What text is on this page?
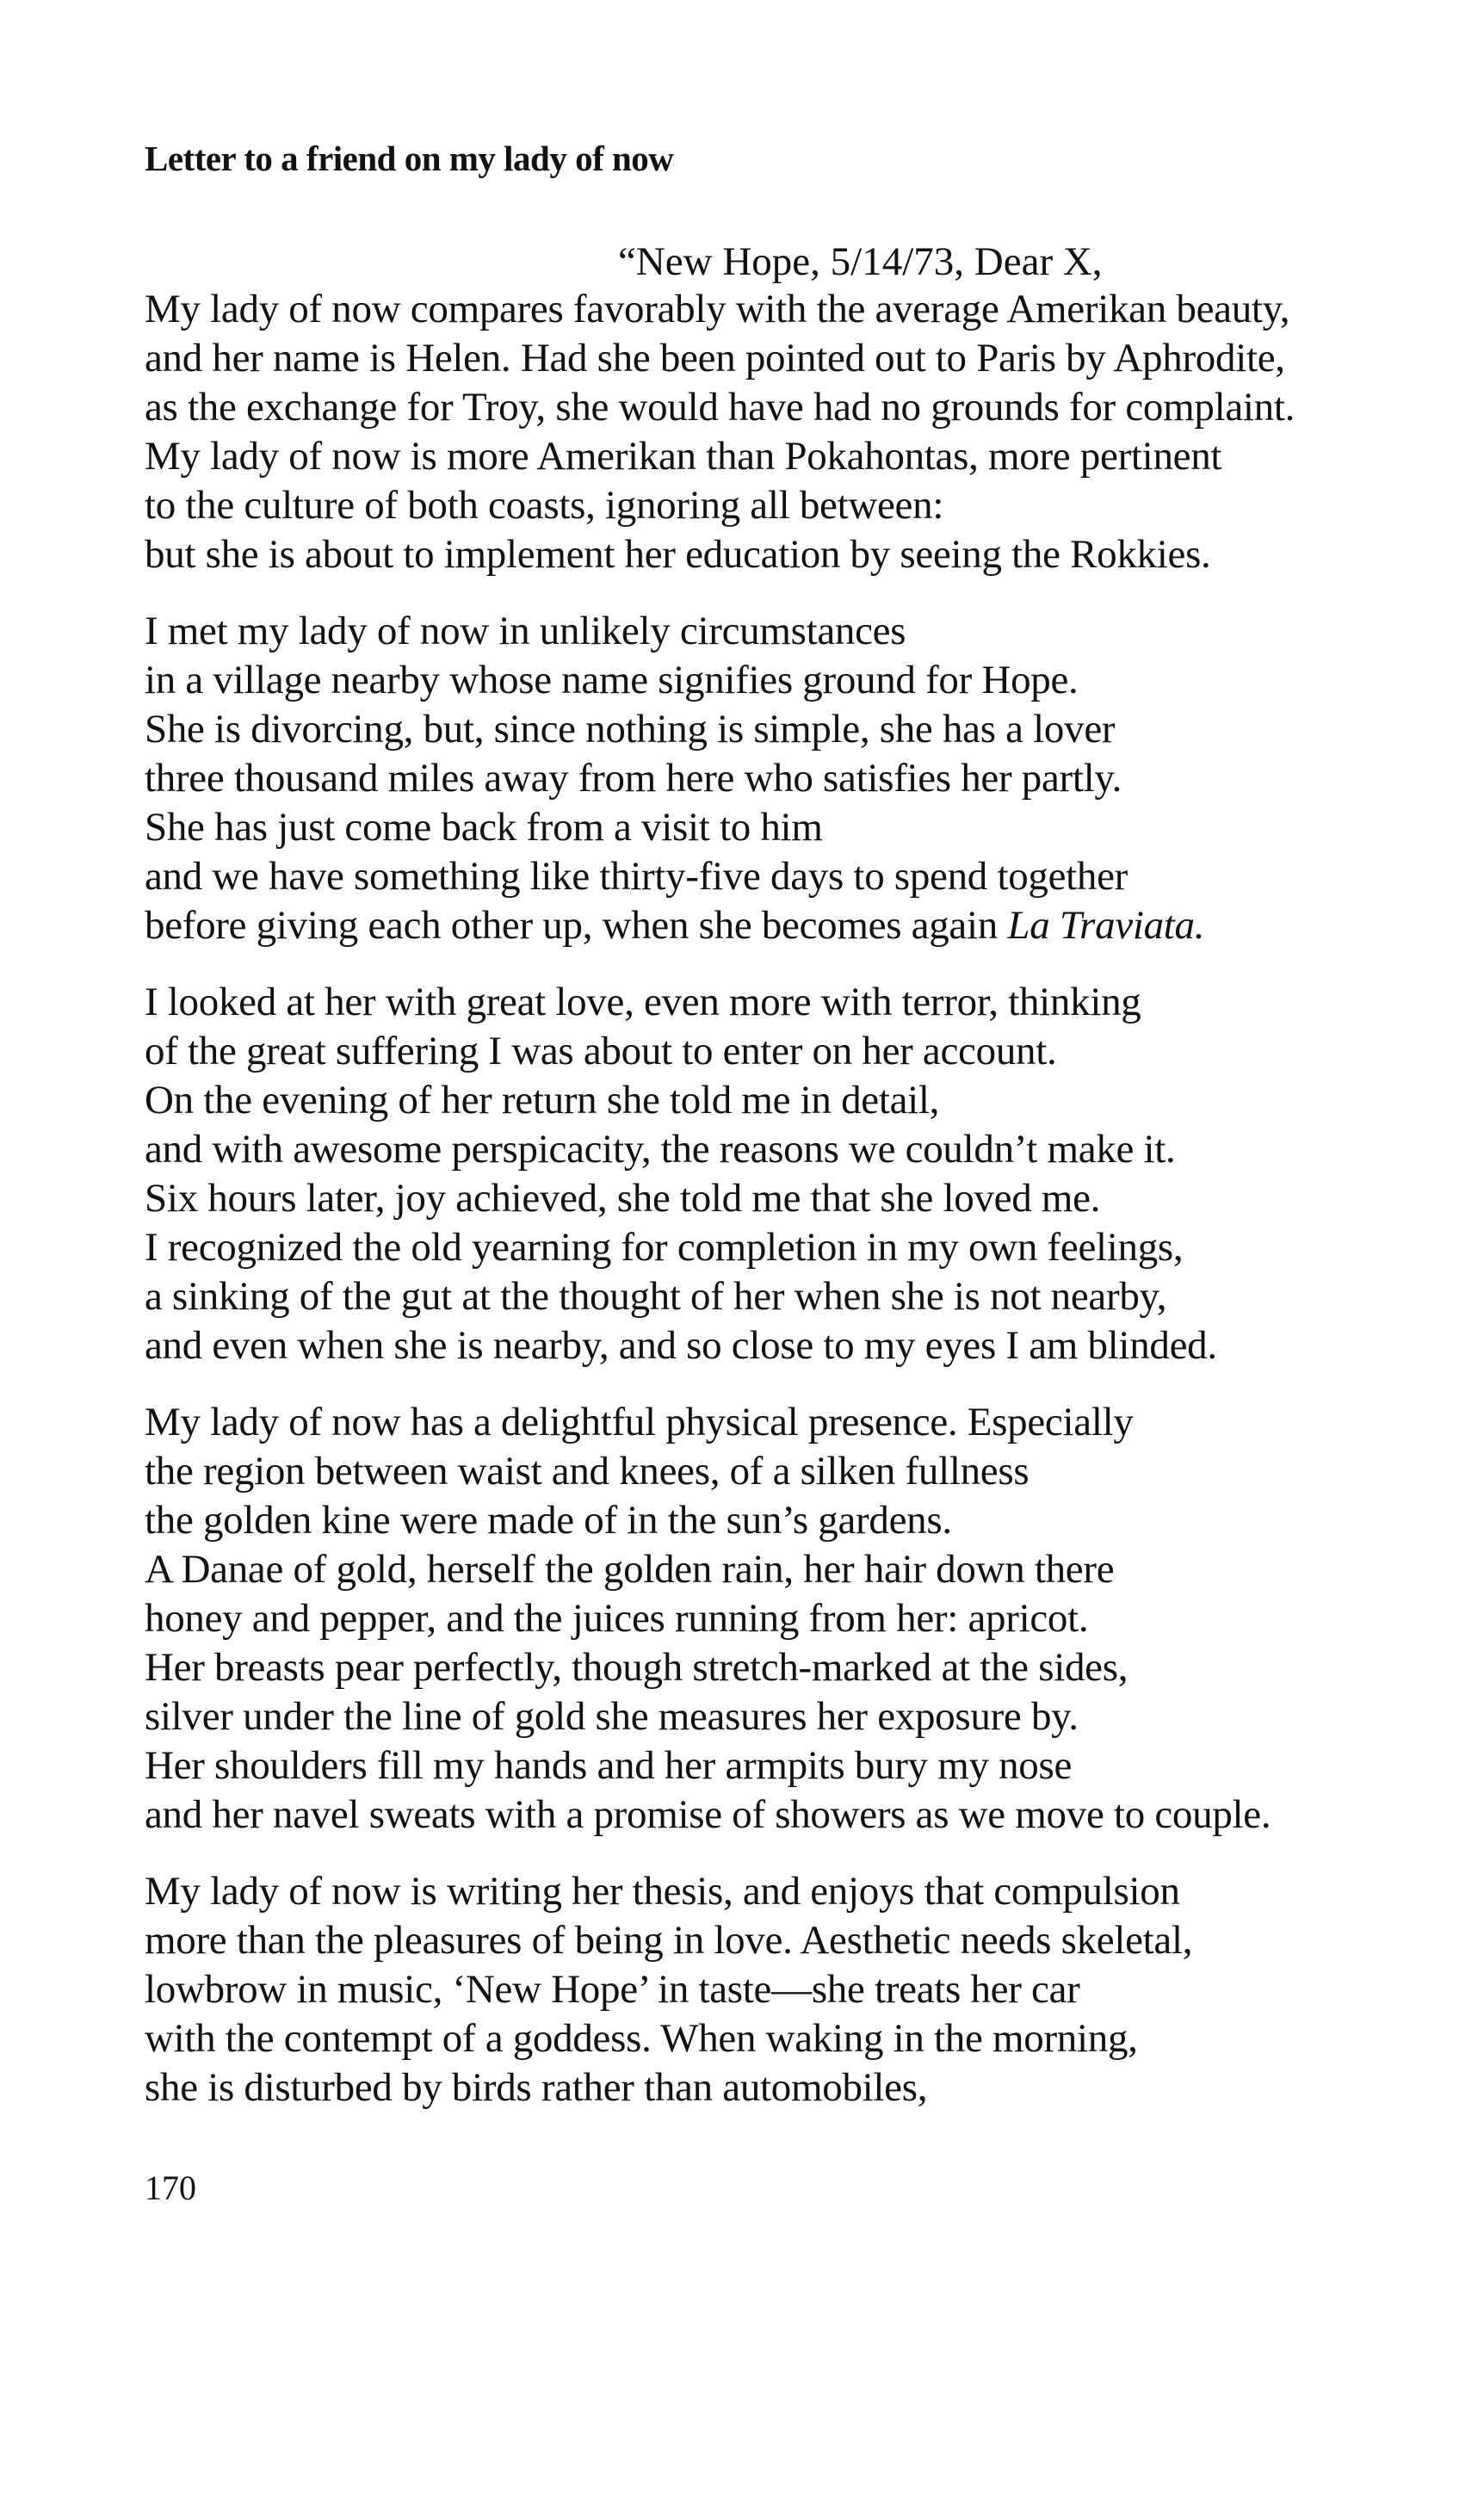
Letter to a friend on my lady of now
“New Hope, 5/14/73, Dear X,

My lady of now compares favorably with the average Amerikan beauty,
and her name is Helen. Had she been pointed out to Paris by Aphrodite,
as the exchange for Troy, she would have had no grounds for complaint.
My lady of now is more Amerikan than Pokahontas, more pertinent
to the culture of both coasts, ignoring all between:
but she is about to implement her education by seeing the Rokkies.

I met my lady of now in unlikely circumstances
in a village nearby whose name signifies ground for Hope.
She is divorcing, but, since nothing is simple, she has a lover
three thousand miles away from here who satisfies her partly.
She has just come back from a visit to him
and we have something like thirty-five days to spend together
before giving each other up, when she becomes again La Traviata.

I looked at her with great love, even more with terror, thinking
of the great suffering I was about to enter on her account.
On the evening of her return she told me in detail,
and with awesome perspicacity, the reasons we couldn’t make it.
Six hours later, joy achieved, she told me that she loved me.
I recognized the old yearning for completion in my own feelings,
a sinking of the gut at the thought of her when she is not nearby,
and even when she is nearby, and so close to my eyes I am blinded.

My lady of now has a delightful physical presence. Especially
the region between waist and knees, of a silken fullness
the golden kine were made of in the sun’s gardens.
A Danae of gold, herself the golden rain, her hair down there
honey and pepper, and the juices running from her: apricot.
Her breasts pear perfectly, though stretch-marked at the sides,
silver under the line of gold she measures her exposure by.
Her shoulders fill my hands and her armpits bury my nose
and her navel sweats with a promise of showers as we move to couple.

My lady of now is writing her thesis, and enjoys that compulsion
more than the pleasures of being in love. Aesthetic needs skeletal,
lowbrow in music, ‘New Hope’ in taste—she treats her car
with the contempt of a goddess. When waking in the morning,
she is disturbed by birds rather than automobiles,

170
